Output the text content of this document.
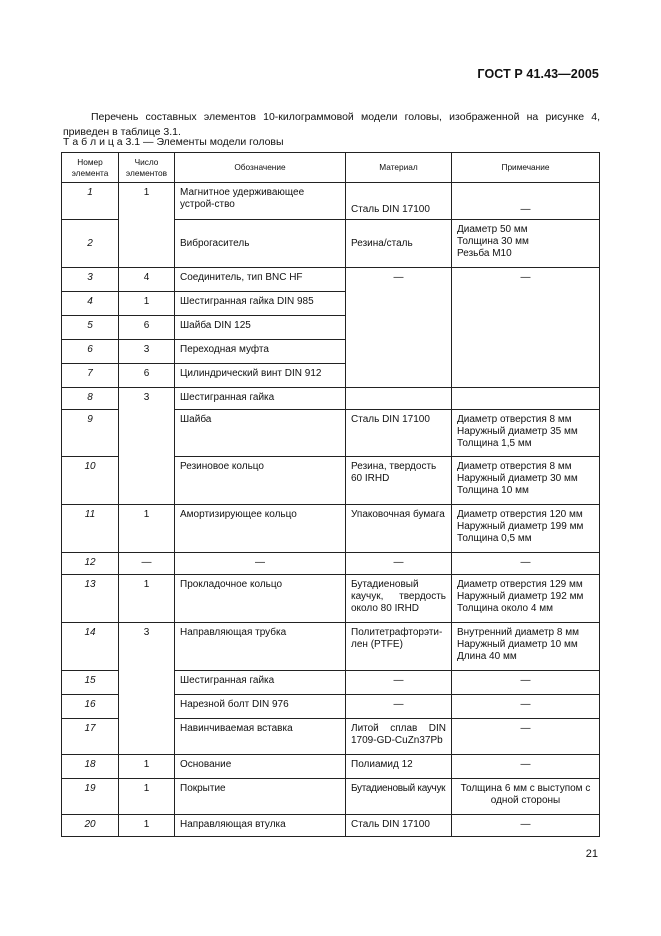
ГОСТ Р 41.43—2005

Перечень составных элементов 10-килограммовой модели головы, изображенной на рисунке 4, приведен в таблице 3.1.

Т а б л и ц а 3.1 — Элементы модели головы
Номер элемента	Число элементов	Обозначение	Материал	Примечание
1	1	Магнитное удерживающее устрой-ство	Сталь DIN 17100	—

2		Виброгаситель	Резина/сталь	Диаметр 50 мм
Толщина 30 мм
Резьба М10

3	4	Соединитель, тип BNC HF	—	—

4	1	Шестигранная гайка DIN 985		
5	6	Шайба DIN 125		
6	3	Переходная муфта		
7	6	Цилиндрический винт DIN 912		
8	3	Шестигранная гайка		
9		Шайба	Сталь DIN 17100	Диаметр отверстия 8 мм
Наружный диаметр 35 мм
Толщина 1,5 мм

10		Резиновое кольцо	Резина, твердость 60 IRHD	Диаметр отверстия 8 мм
Наружный диаметр 30 мм
Толщина 10 мм

11	1	Амортизирующее кольцо	Упаковочная бумага	Диаметр отверстия 120 мм
Наружный диаметр 199 мм
Толщина 0,5 мм

12	—	—	—	—

13	1	Прокладочное кольцо	Бутадиеновый каучук, твердость около 80 IRHD	Диаметр отверстия 129 мм
Наружный диаметр 192 мм
Толщина около 4 мм

14	3	Направляющая трубка	Политетрафторэти-лен (PTFE)	Внутренний диаметр 8 мм
Наружный диаметр 10 мм
Длина 40 мм

15		Шестигранная гайка	—	—

16		Нарезной болт DIN 976	—	—

17		Навинчиваемая вставка	Литой сплав DIN 1709-GD-CuZn37Pb	—

18	1	Основание	Полиамид 12	—

19	1	Покрытие	Бутадиеновый каучук	Толщина 6 мм с выступом с одной стороны

20	1	Направляющая втулка	Сталь DIN 17100	—
21
